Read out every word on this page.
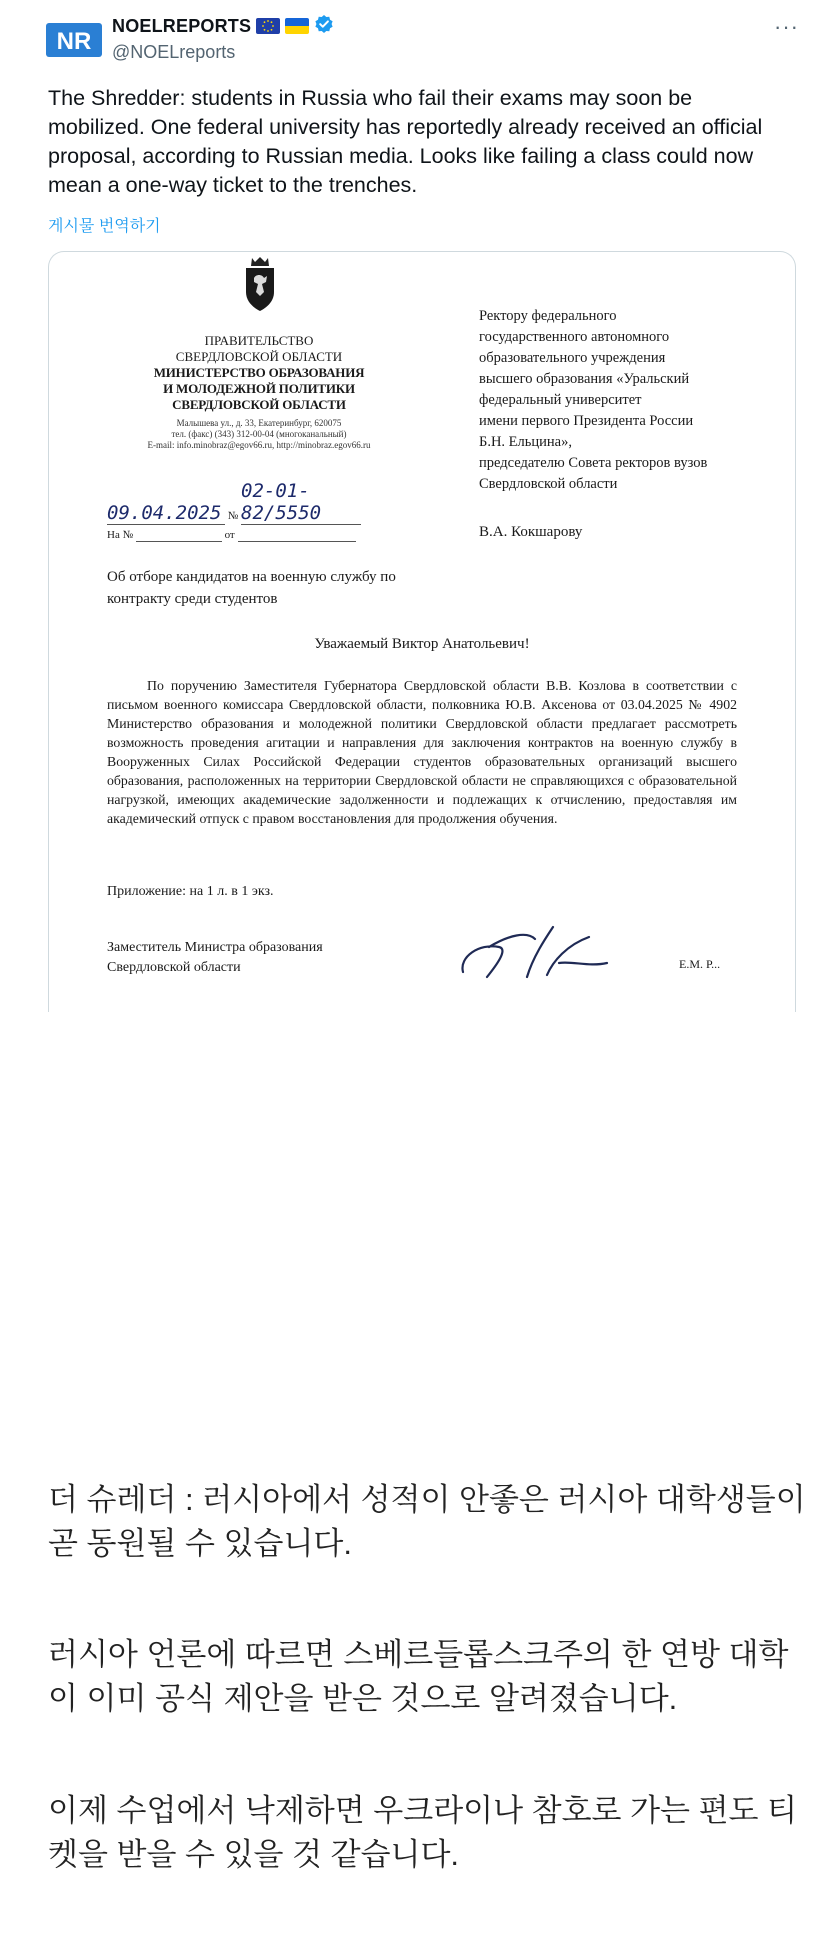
NR
NOELREPORTS
@NOELreports
···
The Shredder: students in Russia who fail their exams may soon be mobilized. One federal university has reportedly already received an official proposal, according to Russian media. Looks like failing a class could now mean a one-way ticket to the trenches.
게시물 번역하기
ПРАВИТЕЛЬСТВО
СВЕРДЛОВСКОЙ ОБЛАСТИ
МИНИСТЕРСТВО ОБРАЗОВАНИЯ
И МОЛОДЕЖНОЙ ПОЛИТИКИ
СВЕРДЛОВСКОЙ ОБЛАСТИ
Малышева ул., д. 33, Екатеринбург, 620075
тел. (факс) (343) 312-00-04 (многоканальный)
E-mail: info.minobraz@egov66.ru, http://minobraz.egov66.ru
09.04.2025 № 02-01-82/5550
На №	от
Ректору федерального
государственного автономного
образовательного учреждения
высшего образования «Уральский
федеральный университет
имени первого Президента России
Б.Н. Ельцина»,
председателю Совета ректоров вузов
Свердловской области
В.А. Кокшарову
Об отборе кандидатов на военную службу по контракту среди студентов
Уважаемый Виктор Анатольевич!
По поручению Заместителя Губернатора Свердловской области В.В. Козлова в соответствии с письмом военного комиссара Свердловской области, полковника Ю.В. Аксенова от 03.04.2025 № 4902 Министерство образования и молодежной политики Свердловской области предлагает рассмотреть возможность проведения агитации и направления для заключения контрактов на военную службу в Вооруженных Силах Российской Федерации студентов образовательных организаций высшего образования, расположенных на территории Свердловской области не справляющихся с образовательной нагрузкой, имеющих академические задолженности и подлежащих к отчислению, предоставляя им академический отпуск с правом восстановления для продолжения обучения.
Приложение: на 1 л. в 1 экз.
Заместитель Министра образования
Свердловской области	Е.М. Р...
더 슈레더 : 러시아에서 성적이 안좋은 러시아 대학생들이 곧 동원될 수 있습니다.
러시아 언론에 따르면 스베르들롭스크주의 한 연방 대학이 이미 공식 제안을 받은 것으로 알려졌습니다.
이제 수업에서 낙제하면 우크라이나 참호로 가는 편도 티켓을 받을 수 있을 것 같습니다.
